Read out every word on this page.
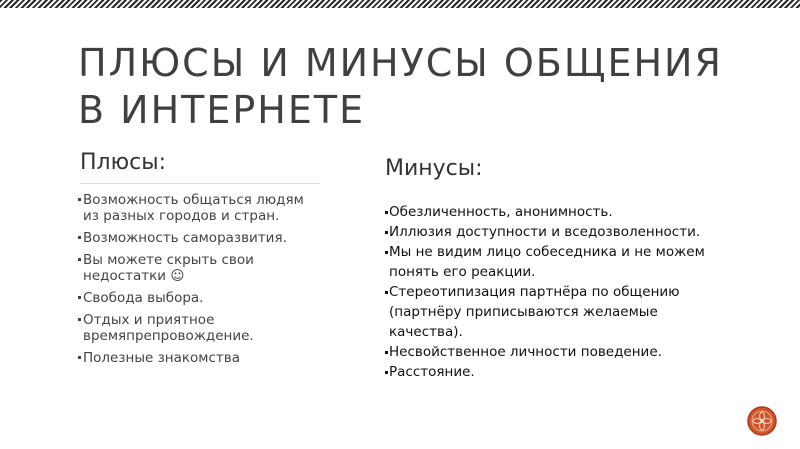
ПЛЮСЫ И МИНУСЫ ОБЩЕНИЯ
В ИНТЕРНЕТЕ
Плюсы:
Возможность общаться людям из разных городов и стран.
Возможность саморазвития.
Вы можете скрыть свои недостатки ☺
Свобода выбора.
Отдых и приятное времяпрепровождение.
Полезные знакомства
Минусы:
Обезличенность, анонимность.
Иллюзия доступности и вседозволенности.
Мы не видим лицо собеседника и не можем понять его реакции.
Стереотипизация партнёра по общению (партнёру приписываются желаемые качества).
Несвойственное личности поведение.
Расстояние.
